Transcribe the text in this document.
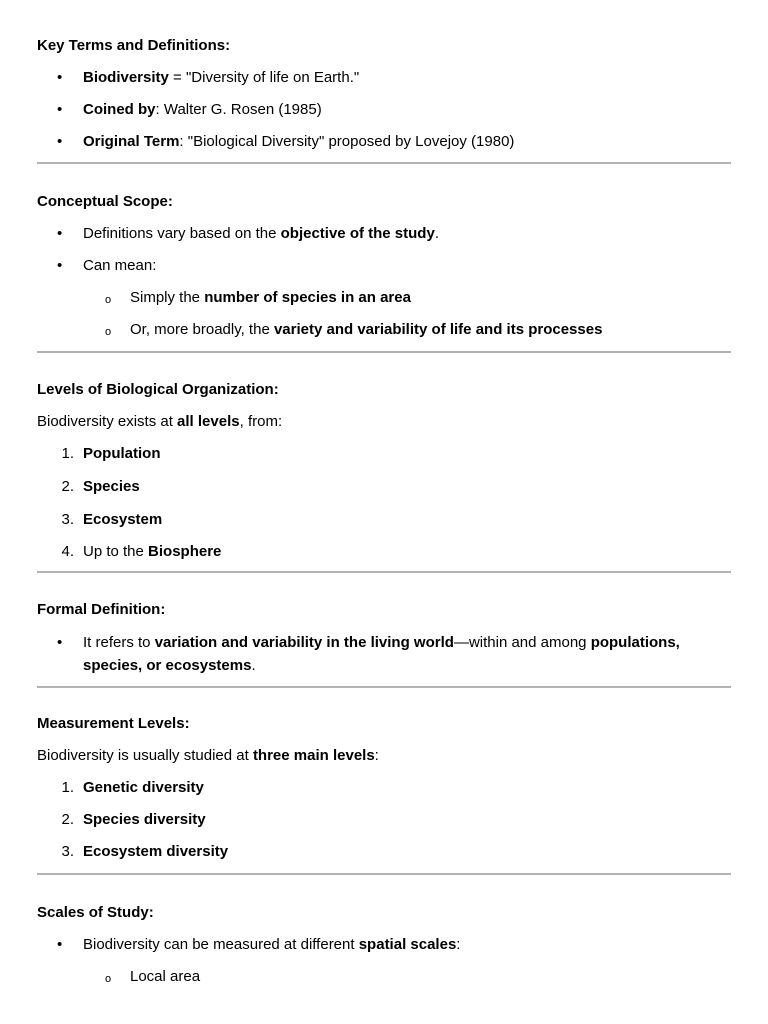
Key Terms and Definitions:

• Biodiversity = "Diversity of life on Earth."
• Coined by: Walter G. Rosen (1985)
• Original Term: "Biological Diversity" proposed by Lovejoy (1980)

Conceptual Scope:

• Definitions vary based on the objective of the study.
• Can mean:
o Simply the number of species in an area
o Or, more broadly, the variety and variability of life and its processes

Levels of Biological Organization:

Biodiversity exists at all levels, from:

1. Population
2. Species
3. Ecosystem
4. Up to the Biosphere

Formal Definition:

• It refers to variation and variability in the living world—within and among populations, species, or ecosystems.

Measurement Levels:

Biodiversity is usually studied at three main levels:

1. Genetic diversity
2. Species diversity
3. Ecosystem diversity

Scales of Study:

• Biodiversity can be measured at different spatial scales:
o Local area
